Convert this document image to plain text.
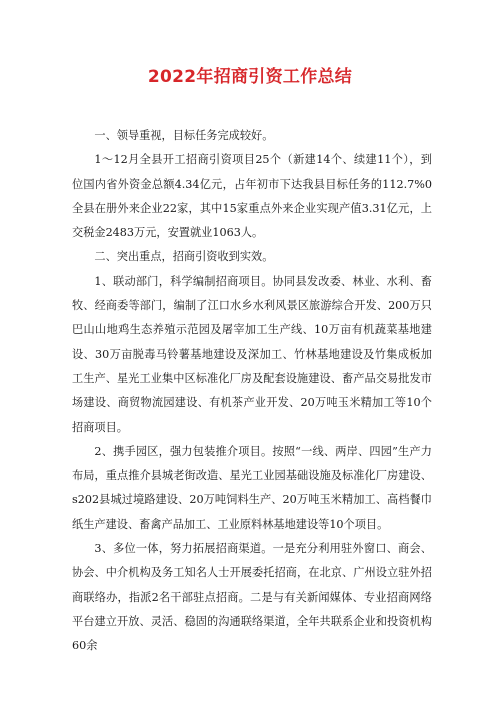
2022年招商引资工作总结

一、领导重视，目标任务完成较好。

1～12月全县开工招商引资项目25个（新建14个、续建11个），到位国内省外资金总额4.34亿元，占年初市下达我县目标任务的112.7%0全县在册外来企业22家，其中15家重点外来企业实现产值3.31亿元，上交税金2483万元，安置就业1063人。

二、突出重点，招商引资收到实效。

1、联动部门，科学编制招商项目。协同县发改委、林业、水利、畜牧、经商委等部门，编制了江口水乡水利风景区旅游综合开发、200万只巴山山地鸡生态养殖示范园及屠宰加工生产线、10万亩有机蔬菜基地建设、30万亩脱毒马铃薯基地建设及深加工、竹林基地建设及竹集成板加工生产、星光工业集中区标准化厂房及配套设施建设、畜产品交易批发市场建设、商贸物流园建设、有机茶产业开发、20万吨玉米精加工等10个招商项目。

2、携手园区，强力包装推介项目。按照“一线、两岸、四园”生产力布局，重点推介县城老街改造、星光工业园基础设施及标准化厂房建设、s202县城过境路建设、20万吨饲料生产、20万吨玉米精加工、高档餐巾纸生产建设、畜禽产品加工、工业原料林基地建设等10个项目。

3、多位一体，努力拓展招商渠道。一是充分利用驻外窗口、商会、协会、中介机构及务工知名人士开展委托招商，在北京、广州设立驻外招商联络办，指派2名干部驻点招商。二是与有关新闻媒体、专业招商网络平台建立开放、灵活、稳固的沟通联络渠道，全年共联系企业和投资机构60余
